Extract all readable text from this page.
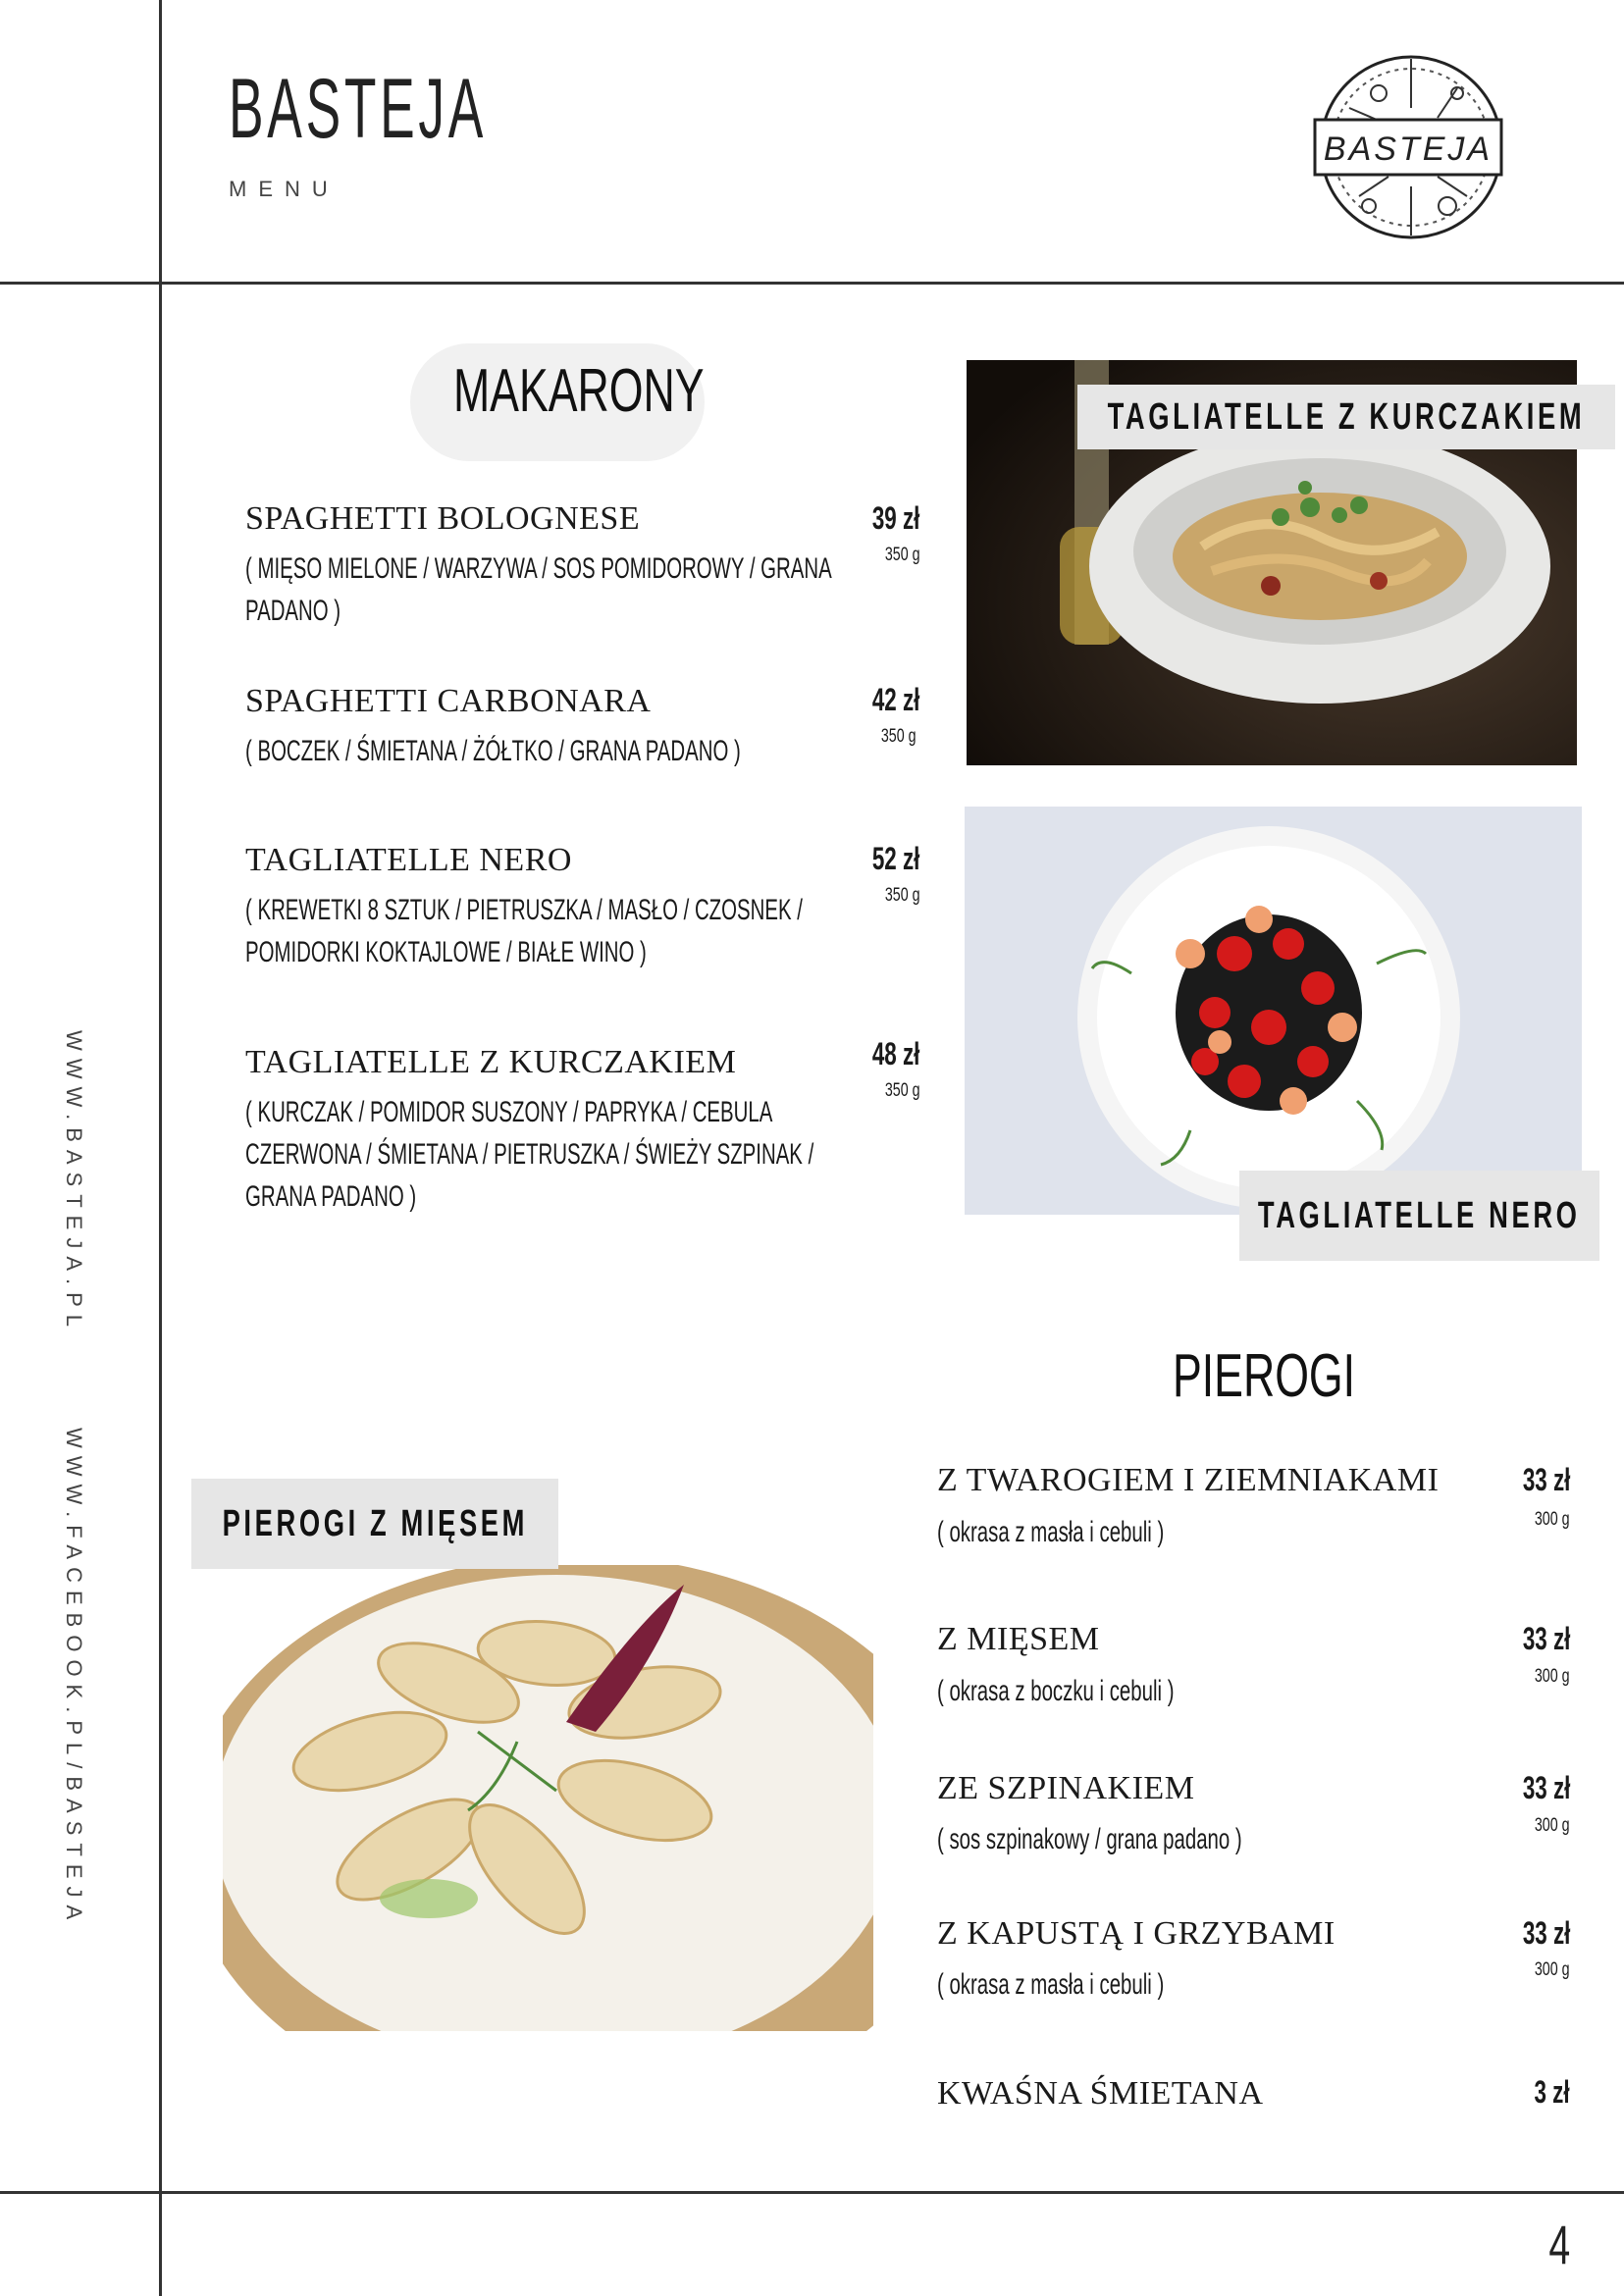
BASTEJA
MENU
BASTEJA
WWW.BASTEJA.PL
WWW.FACEBOOK.PL/BASTEJA
MAKARONY
SPAGHETTI BOLOGNESE
( MIĘSO MIELONE / WARZYWA / SOS POMIDOROWY / GRANA PADANO )
39 zł
350 g
SPAGHETTI CARBONARA
( BOCZEK / ŚMIETANA / ŻÓŁTKO / GRANA PADANO )
42 zł
350 g
TAGLIATELLE NERO
( KREWETKI 8 SZTUK / PIETRUSZKA / MASŁO / CZOSNEK / POMIDORKI KOKTAJLOWE / BIAŁE WINO )
52 zł
350 g
TAGLIATELLE Z KURCZAKIEM
( KURCZAK / POMIDOR SUSZONY / PAPRYKA / CEBULA CZERWONA / ŚMIETANA / PIETRUSZKA / ŚWIEŻY SZPINAK / GRANA PADANO )
48 zł
350 g
TAGLIATELLE Z KURCZAKIEM
TAGLIATELLE NERO
PIEROGI
PIEROGI Z MIĘSEM
Z TWAROGIEM I ZIEMNIAKAMI
( okrasa z masła i cebuli )
33 zł
300 g
Z MIĘSEM
( okrasa z boczku i cebuli )
33 zł
300 g
ZE SZPINAKIEM
( sos szpinakowy / grana padano )
33 zł
300 g
Z KAPUSTĄ I GRZYBAMI
( okrasa z masła i cebuli )
33 zł
300 g
KWAŚNA ŚMIETANA	3 zł
4
